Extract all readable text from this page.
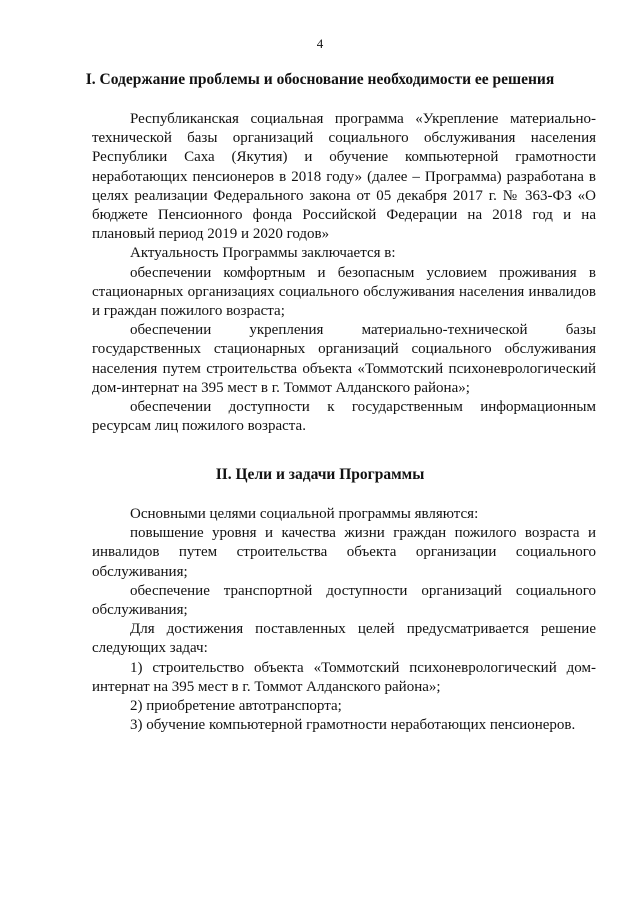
4
I. Содержание проблемы и обоснование необходимости ее решения

Республиканская социальная программа «Укрепление материально-технической базы организаций социального обслуживания населения Республики Саха (Якутия) и обучение компьютерной грамотности неработающих пенсионеров в 2018 году» (далее – Программа) разработана в целях реализации Федерального закона от 05 декабря 2017 г. № 363-ФЗ «О бюджете Пенсионного фонда Российской Федерации на 2018 год и на плановый период 2019 и 2020 годов»

Актуальность Программы заключается в:

обеспечении комфортным и безопасным условием проживания в стационарных организациях социального обслуживания населения инвалидов и граждан пожилого возраста;

обеспечении укрепления материально-технической базы государственных стационарных организаций социального обслуживания населения путем строительства объекта «Томмотский психоневрологический дом-интернат на 395 мест в г. Томмот Алданского района»;

обеспечении доступности к государственным информационным ресурсам лиц пожилого возраста.

II. Цели и задачи Программы

Основными целями социальной программы являются:

повышение уровня и качества жизни граждан пожилого возраста и инвалидов путем строительства объекта организации социального обслуживания;

обеспечение транспортной доступности организаций социального обслуживания;

Для достижения поставленных целей предусматривается решение следующих задач:

1) строительство объекта «Томмотский психоневрологический дом-интернат на 395 мест в г. Томмот Алданского района»;

2) приобретение автотранспорта;

3) обучение компьютерной грамотности неработающих пенсионеров.
